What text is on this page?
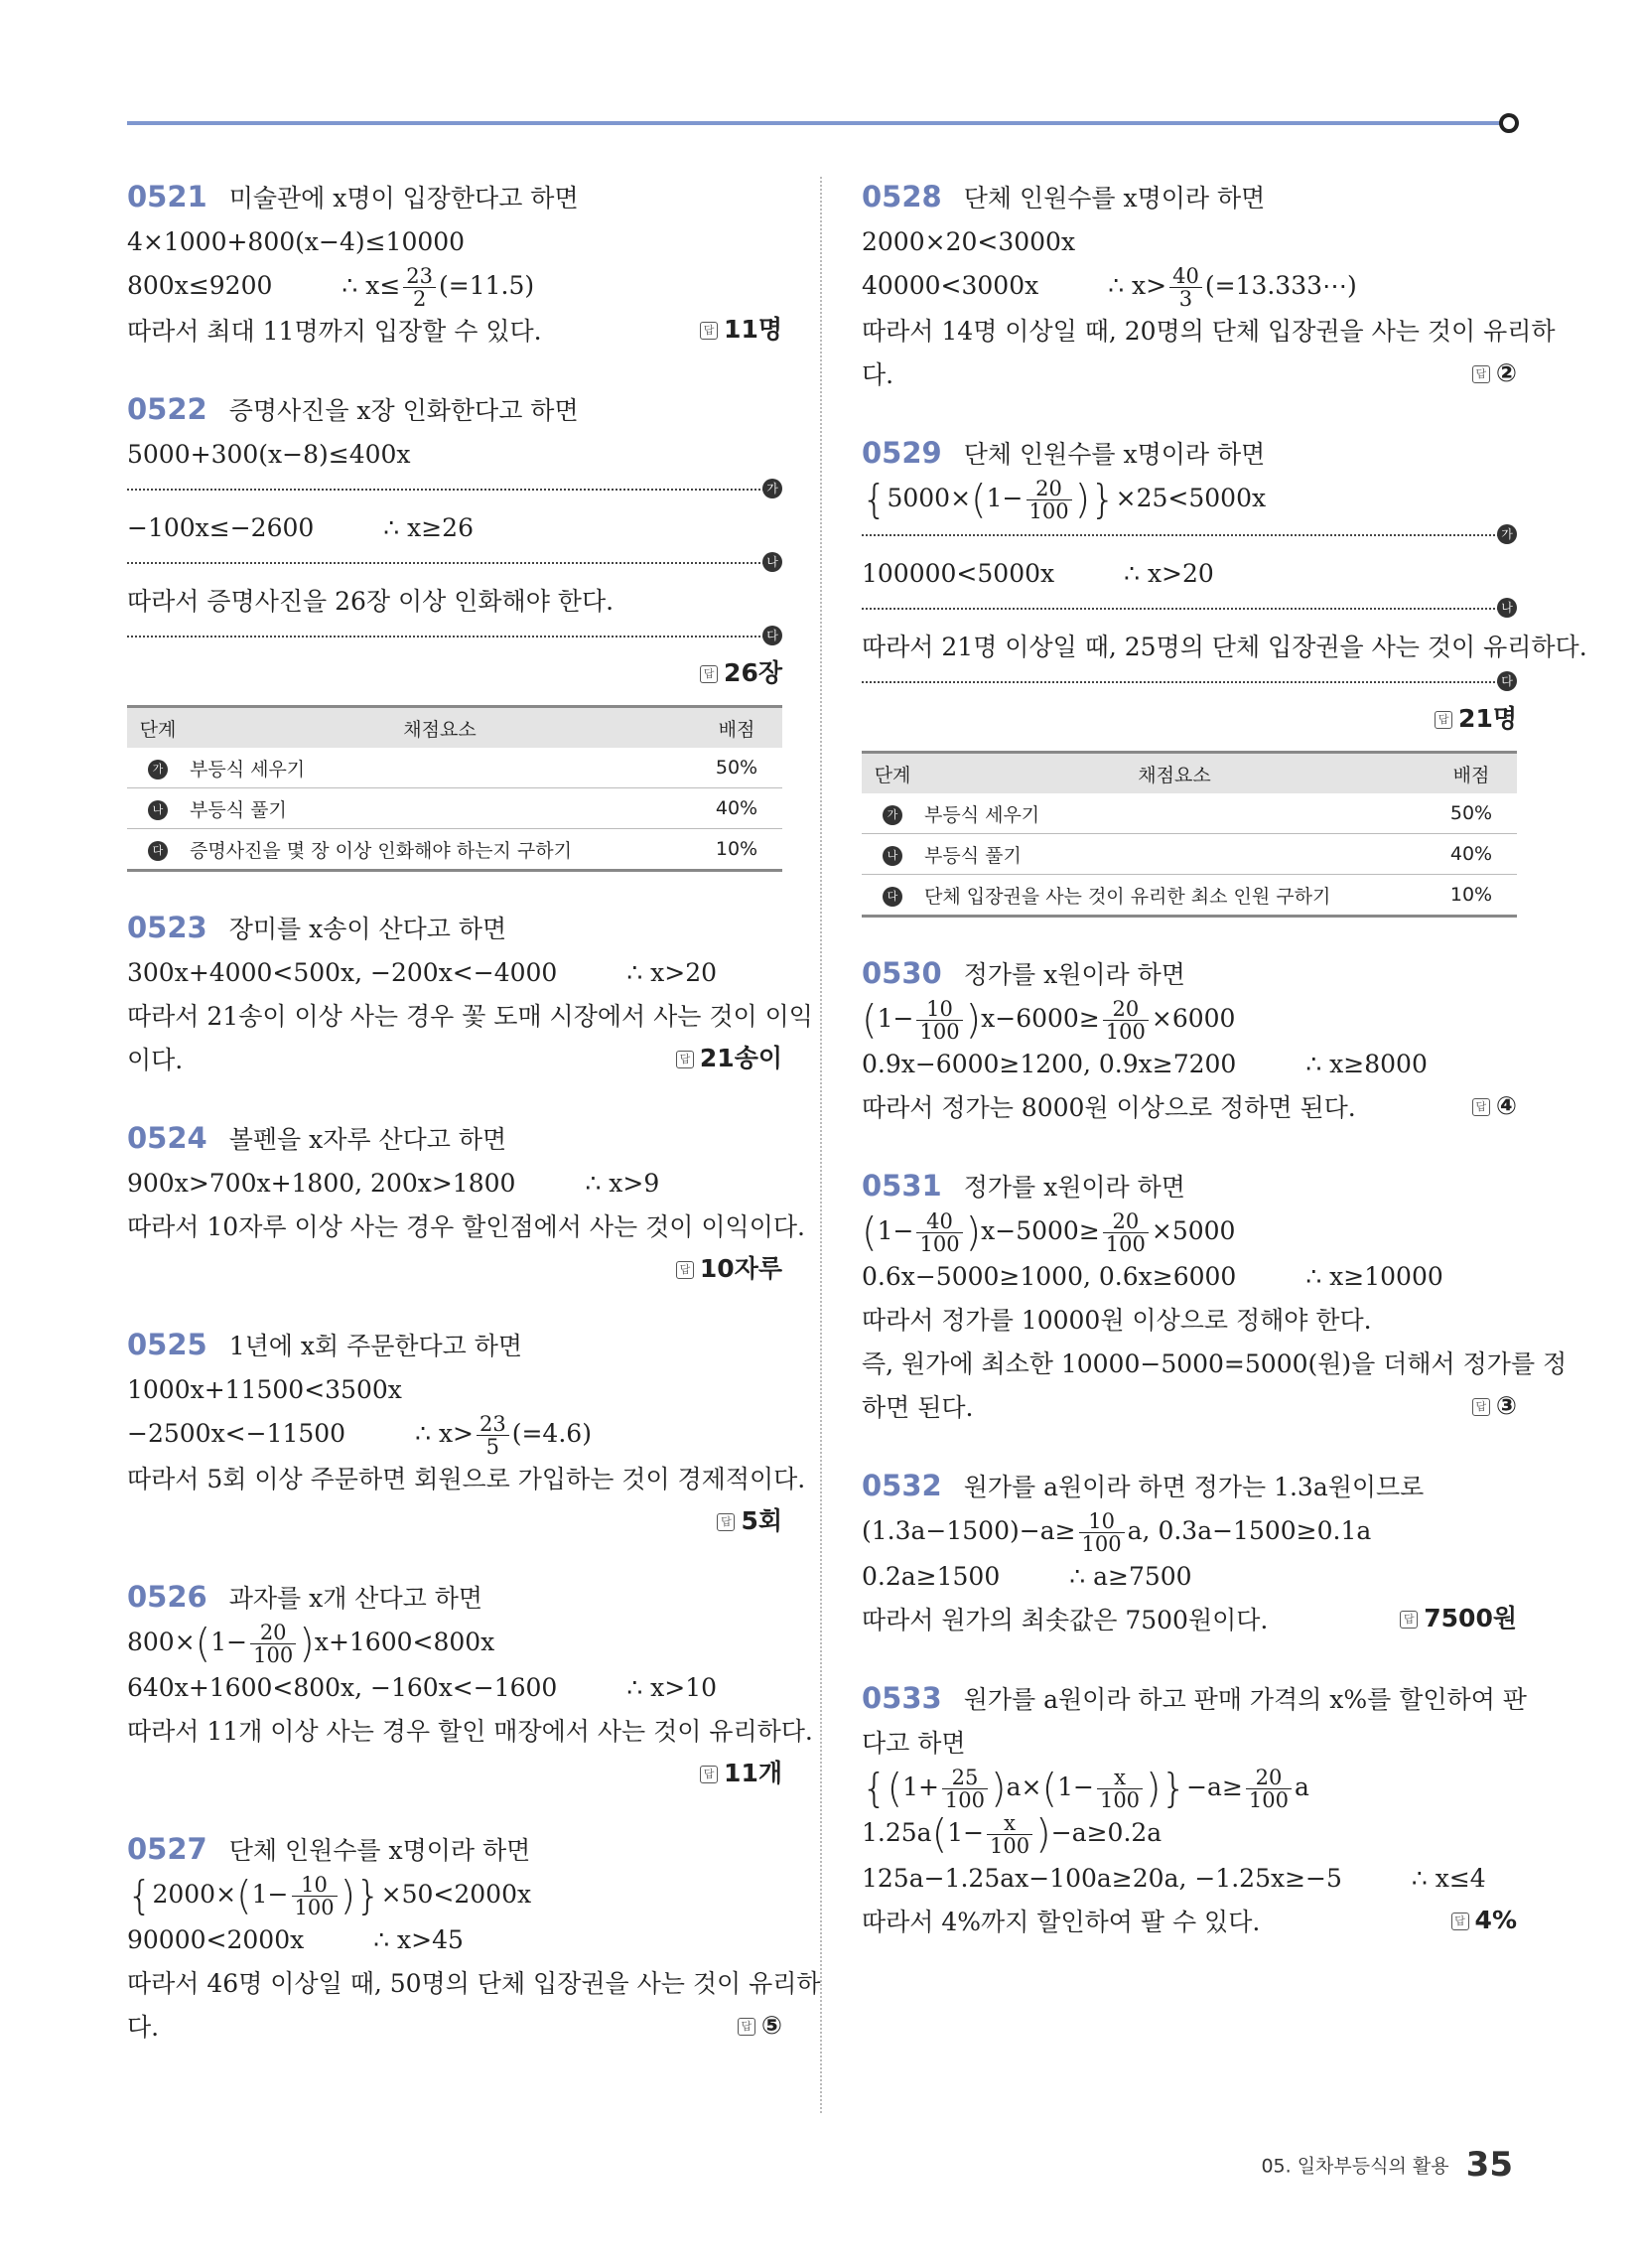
0521 미술관에 x명이 입장한다고 하면
4×1000+800(x−4)≤10000
800x≤9200	∴ $x\le \frac{23}{2} (=11.5)$
따라서 최대 11명까지 입장할 수 있다.	답 11명
0522 증명사진을 x장 인화한다고 하면
5000+300(x−8)≤400x
가
−100x≤−2600	∴ x≥26
나
따라서 증명사진을 26장 이상 인화해야 한다.
다
답 26장
단계	채점요소	배점
가	부등식 세우기	50%
나	부등식 풀기	40%
다	증명사진을 몇 장 이상 인화해야 하는지 구하기	10%
0523 장미를 x송이 산다고 하면
300x+4000<500x, −200x<−4000	∴ x>20
따라서 21송이 이상 사는 경우 꽃 도매 시장에서 사는 것이 이익
이다.	답 21송이
0524 볼펜을 x자루 산다고 하면
900x>700x+1800, 200x>1800	∴ x>9
따라서 10자루 이상 사는 경우 할인점에서 사는 것이 이익이다.
답 10자루
0525 1년에 x회 주문한다고 하면
1000x+11500<3500x
−2500x<−11500	∴ $x> \frac{23}{5} (=4.6)$
따라서 5회 이상 주문하면 회원으로 가입하는 것이 경제적이다.
답 5회
0526 과자를 x개 산다고 하면
$800\times(1- \frac{20}{100} )x+1600<800x$
640x+1600<800x, −160x<−1600	∴ x>10
따라서 11개 이상 사는 경우 할인 매장에서 사는 것이 유리하다.
답 11개
0527 단체 인원수를 x명이라 하면
$\{2000\times(1- \frac{10}{100} )\}\times 50<2000x$
90000<2000x	∴ x>45
따라서 46명 이상일 때, 50명의 단체 입장권을 사는 것이 유리하
다.	답 ⑤
0528 단체 인원수를 x명이라 하면
2000×20<3000x
40000<3000x	∴ $x> \frac{40}{3}$ (=13.333⋯)
따라서 14명 이상일 때, 20명의 단체 입장권을 사는 것이 유리하
다.	답 ②
0529 단체 인원수를 x명이라 하면
$\{5000\times(1- \frac{20}{100} )\}\times 25<5000x$
가
100000<5000x	∴ x>20
나
따라서 21명 이상일 때, 25명의 단체 입장권을 사는 것이 유리하다.
다
답 21명
단계	채점요소	배점
가	부등식 세우기	50%
나	부등식 풀기	40%
다	단체 입장권을 사는 것이 유리한 최소 인원 구하기	10%
0530 정가를 x원이라 하면
$(1- \frac{10}{100} )x-6000\ge \frac{20}{100} \times 6000$
0.9x−6000≥1200, 0.9x≥7200	∴ x≥8000
따라서 정가는 8000원 이상으로 정하면 된다.	답 ④
0531 정가를 x원이라 하면
$(1- \frac{40}{100} )x-5000\ge \frac{20}{100} \times 5000$
0.6x−5000≥1000, 0.6x≥6000	∴ x≥10000
따라서 정가를 10000원 이상으로 정해야 한다.
즉, 원가에 최소한 10000−5000=5000(원)을 더해서 정가를 정
하면 된다.	답 ③
0532 원가를 a원이라 하면 정가는 1.3a원이므로
$(1.3a-1500)-a\ge \frac{10}{100} a$, 0.3a−1500≥0.1a
0.2a≥1500	∴ a≥7500
따라서 원가의 최솟값은 7500원이다.	답 7500원
0533 원가를 a원이라 하고 판매 가격의 x%를 할인하여 판
다고 하면
$\{(1+ \frac{25}{100} )a\times(1- \frac{x}{100} )\}-a\ge \frac{20}{100}$ a
$1.25a(1- \frac{x}{100} )-a\ge 0.2a$
125a−1.25ax−100a≥20a, −1.25x≥−5	∴ x≤4
따라서 4%까지 할인하여 팔 수 있다.	답 4%
05. 일차부등식의 활용 35
